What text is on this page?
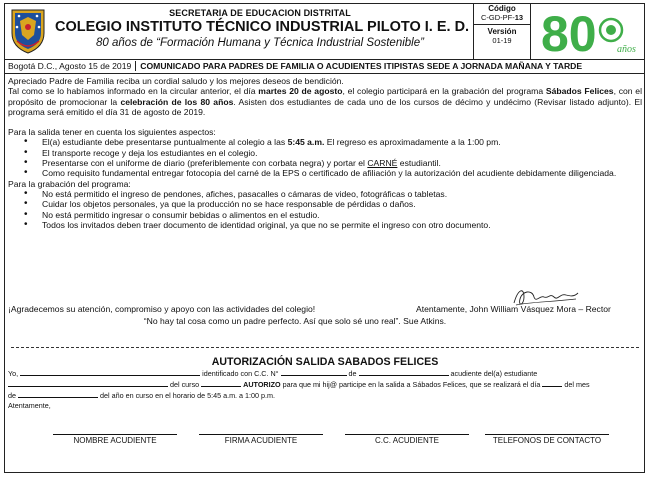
SECRETARIA DE EDUCACION DISTRITAL
COLEGIO INSTITUTO TÉCNICO INDUSTRIAL PILOTO I. E. D.
80 años de “Formación Humana y Técnica Industrial Sostenible”
Código
C-GD-PF-13
Versión
01-19 80 años
Bogotá D.C., Agosto 15 de 2019 COMUNICADO PARA PADRES DE FAMILIA O ACUDIENTES ITIPISTAS SEDE A JORNADA MAÑANA Y TARDE

Apreciado Padre de Familia reciba un cordial saludo y los mejores deseos de bendición.

Tal como se lo habíamos informado en la circular anterior, el día martes 20 de agosto, el colegio participará en la grabación del programa Sábados Felices, con el propósito de promocionar la celebración de los 80 años. Asisten dos estudiantes de cada uno de los cursos de décimo y undécimo (Revisar listado adjunto). El programa será emitido el día 31 de agosto de 2019.

Para la salida tener en cuenta los siguientes aspectos:

• El(a) estudiante debe presentarse puntualmente al colegio a las 5:45 a.m. El regreso es aproximadamente a la 1:00 pm.
• El transporte recoge y deja los estudiantes en el colegio.
• Presentarse con el uniforme de diario (preferiblemente con corbata negra) y portar el CARNÉ estudiantil.
• Como requisito fundamental entregar fotocopia del carné de la EPS o certificado de afiliación y la autorización del acudiente debidamente diligenciada.

Para la grabación del programa:

• No está permitido el ingreso de pendones, afiches, pasacalles o cámaras de video, fotográficas o tabletas.
• Cuidar los objetos personales, ya que la producción no se hace responsable de pérdidas o daños.
• No está permitido ingresar o consumir bebidas o alimentos en el estudio.
• Todos los invitados deben traer documento de identidad original, ya que no se permite el ingreso con otro documento.
¡Agradecemos su atención, compromiso y apoyo con las actividades del colegio!	Atentamente, John William Vásquez Mora – Rector
“No hay tal cosa como un padre perfecto. Así que solo sé uno real”. Sue Atkins.
AUTORIZACIÓN SALIDA SABADOS FELICES
Yo,	identificado con C.C. N°	de	acudiente del(a) estudiante
del curso	AUTORIZO para que mi hij@ participe en la salida a Sábados Felices, que se realizará el día	del mes
de	del año en curso en el horario de 5:45 a.m. a 1:00 p.m.
Atentamente,
NOMBRE ACUDIENTE	FIRMA ACUDIENTE	C.C. ACUDIENTE	TELEFONOS DE CONTACTO
